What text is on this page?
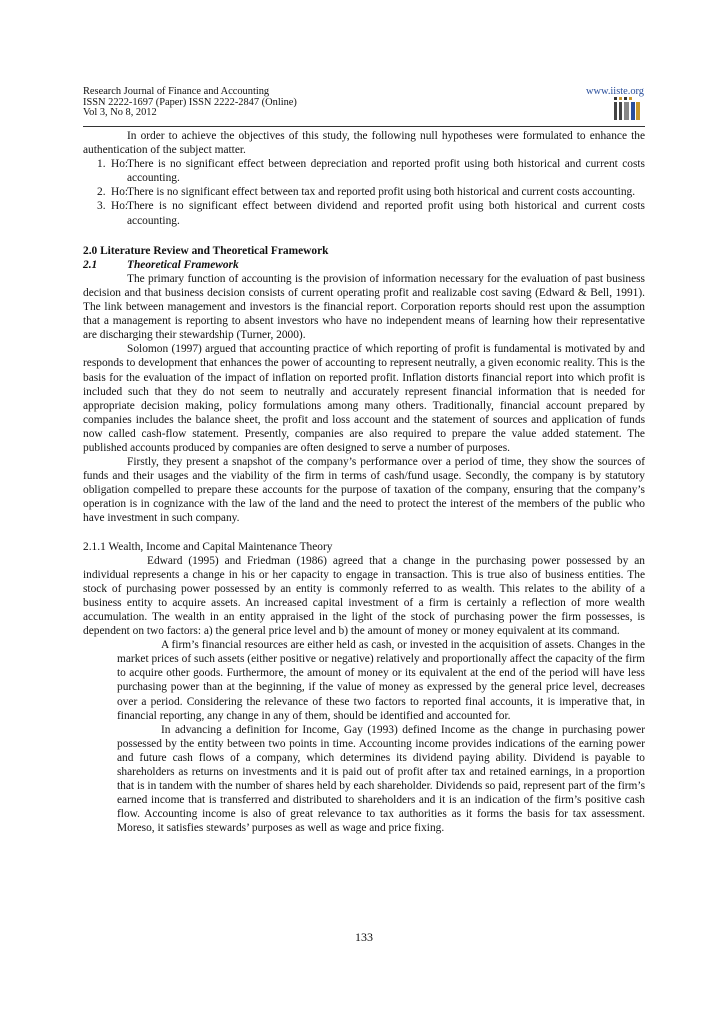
Research Journal of Finance and Accounting
ISSN 2222-1697 (Paper) ISSN 2222-2847 (Online)
Vol 3, No 8, 2012
www.iiste.org

In order to achieve the objectives of this study, the following null hypotheses were formulated to enhance the authentication of the subject matter.

1. Ho:
There is no significant effect between depreciation and reported profit using both historical and current costs accounting.
2. Ho:
There is no significant effect between tax and reported profit using both historical and current costs accounting.
3. Ho:
There is no significant effect between dividend and reported profit using both historical and current costs accounting.

2.0 Literature Review and Theoretical Framework

2.1	Theoretical Framework

The primary function of accounting is the provision of information necessary for the evaluation of past business decision and that business decision consists of current operating profit and realizable cost saving (Edward & Bell, 1991). The link between management and investors is the financial report. Corporation reports should rest upon the assumption that a management is reporting to absent investors who have no independent means of learning how their representative are discharging their stewardship (Turner, 2000).

Solomon (1997) argued that accounting practice of which reporting of profit is fundamental is motivated by and responds to development that enhances the power of accounting to represent neutrally, a given economic reality. This is the basis for the evaluation of the impact of inflation on reported profit. Inflation distorts financial report into which profit is included such that they do not seem to neutrally and accurately represent financial information that is needed for appropriate decision making, policy formulations among many others. Traditionally, financial account prepared by companies includes the balance sheet, the profit and loss account and the statement of sources and application of funds now called cash-flow statement. Presently, companies are also required to prepare the value added statement. The published accounts produced by companies are often designed to serve a number of purposes.

Firstly, they present a snapshot of the company’s performance over a period of time, they show the sources of funds and their usages and the viability of the firm in terms of cash/fund usage. Secondly, the company is by statutory obligation compelled to prepare these accounts for the purpose of taxation of the company, ensuring that the company’s operation is in cognizance with the law of the land and the need to protect the interest of the members of the public who have investment in such company.

2.1.1 Wealth, Income and Capital Maintenance Theory

Edward (1995) and Friedman (1986) agreed that a change in the purchasing power possessed by an individual represents a change in his or her capacity to engage in transaction. This is true also of business entities. The stock of purchasing power possessed by an entity is commonly referred to as wealth. This relates to the ability of a business entity to acquire assets. An increased capital investment of a firm is certainly a reflection of more wealth accumulation. The wealth in an entity appraised in the light of the stock of purchasing power the firm possesses, is dependent on two factors: a) the general price level and b) the amount of money or money equivalent at its command.

A firm’s financial resources are either held as cash, or invested in the acquisition of assets. Changes in the market prices of such assets (either positive or negative) relatively and proportionally affect the capacity of the firm to acquire other goods. Furthermore, the amount of money or its equivalent at the end of the period will have less purchasing power than at the beginning, if the value of money as expressed by the general price level, decreases over a period. Considering the relevance of these two factors to reported final accounts, it is imperative that, in financial reporting, any change in any of them, should be identified and accounted for.

In advancing a definition for Income, Gay (1993) defined Income as the change in purchasing power possessed by the entity between two points in time. Accounting income provides indications of the earning power and future cash flows of a company, which determines its dividend paying ability. Dividend is payable to shareholders as returns on investments and it is paid out of profit after tax and retained earnings, in a proportion that is in tandem with the number of shares held by each shareholder. Dividends so paid, represent part of the firm’s earned income that is transferred and distributed to shareholders and it is an indication of the firm’s positive cash flow. Accounting income is also of great relevance to tax authorities as it forms the basis for tax assessment. Moreso, it satisfies stewards’ purposes as well as wage and price fixing.

133
